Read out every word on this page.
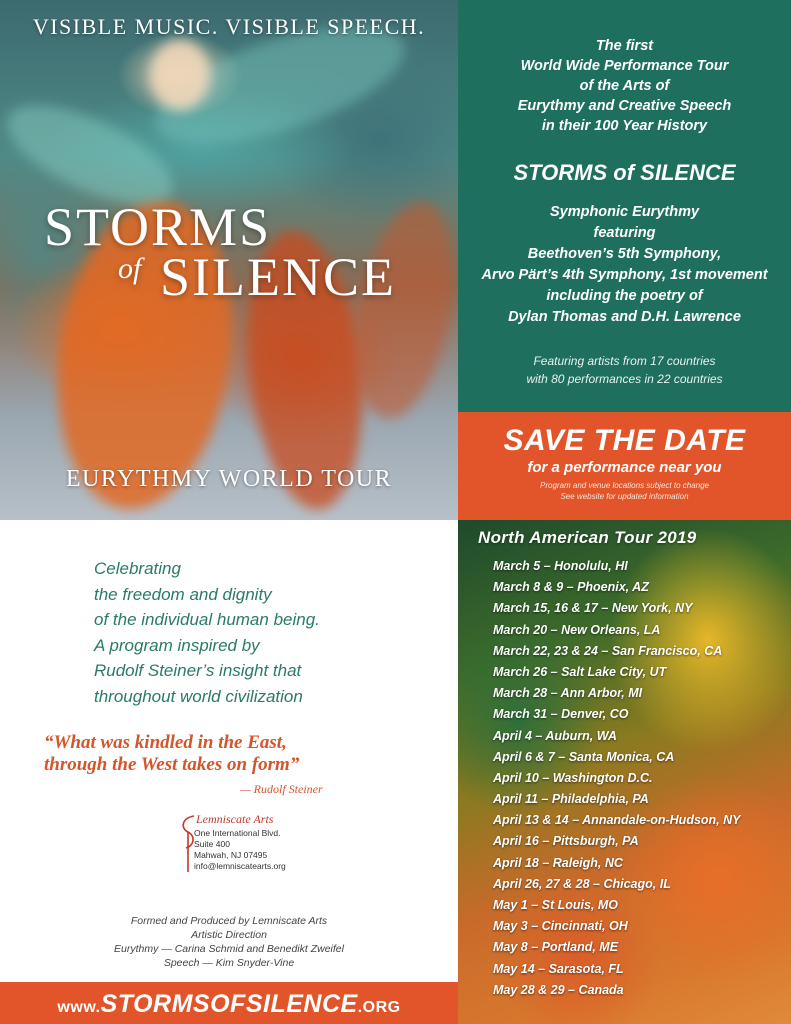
VISIBLE MUSIC. VISIBLE SPEECH.
STORMS
of SILENCE
EURYTHMY WORLD TOUR
The first
World Wide Performance Tour
of the Arts of
Eurythmy and Creative Speech
in their 100 Year History
STORMS of SILENCE
Symphonic Eurythmy
featuring
Beethoven’s 5th Symphony,
Arvo Pärt’s 4th Symphony, 1st movement
including the poetry of
Dylan Thomas and D.H. Lawrence
Featuring artists from 17 countries
with 80 performances in 22 countries
SAVE THE DATE
for a performance near you
Program and venue locations subject to change
See website for updated information
North American Tour 2019
March 5 – Honolulu, HI
March 8 & 9 – Phoenix, AZ
March 15, 16 & 17 – New York, NY
March 20 – New Orleans, LA
March 22, 23 & 24 – San Francisco, CA
March 26 – Salt Lake City, UT
March 28 – Ann Arbor, MI
March 31 – Denver, CO
April 4 – Auburn, WA
April 6 & 7 – Santa Monica, CA
April 10 – Washington D.C.
April 11 – Philadelphia, PA
April 13 & 14 – Annandale-on-Hudson, NY
April 16 – Pittsburgh, PA
April 18 – Raleigh, NC
April 26, 27 & 28 – Chicago, IL
May 1 – St Louis, MO
May 3 – Cincinnati, OH
May 8 – Portland, ME
May 14 – Sarasota, FL
May 28 & 29 – Canada
Celebrating
the freedom and dignity
of the individual human being.
A program inspired by
Rudolf Steiner’s insight that
throughout world civilization
“What was kindled in the East,
through the West takes on form”
— Rudolf Steiner
Lemniscate Arts
One International Blvd.
Suite 400
Mahwah, NJ 07495
info@lemniscatearts.org
Formed and Produced by Lemniscate Arts
Artistic Direction
Eurythmy — Carina Schmid and Benedikt Zweifel
Speech — Kim Snyder-Vine
www.STORMSOFSILENCE.ORG
